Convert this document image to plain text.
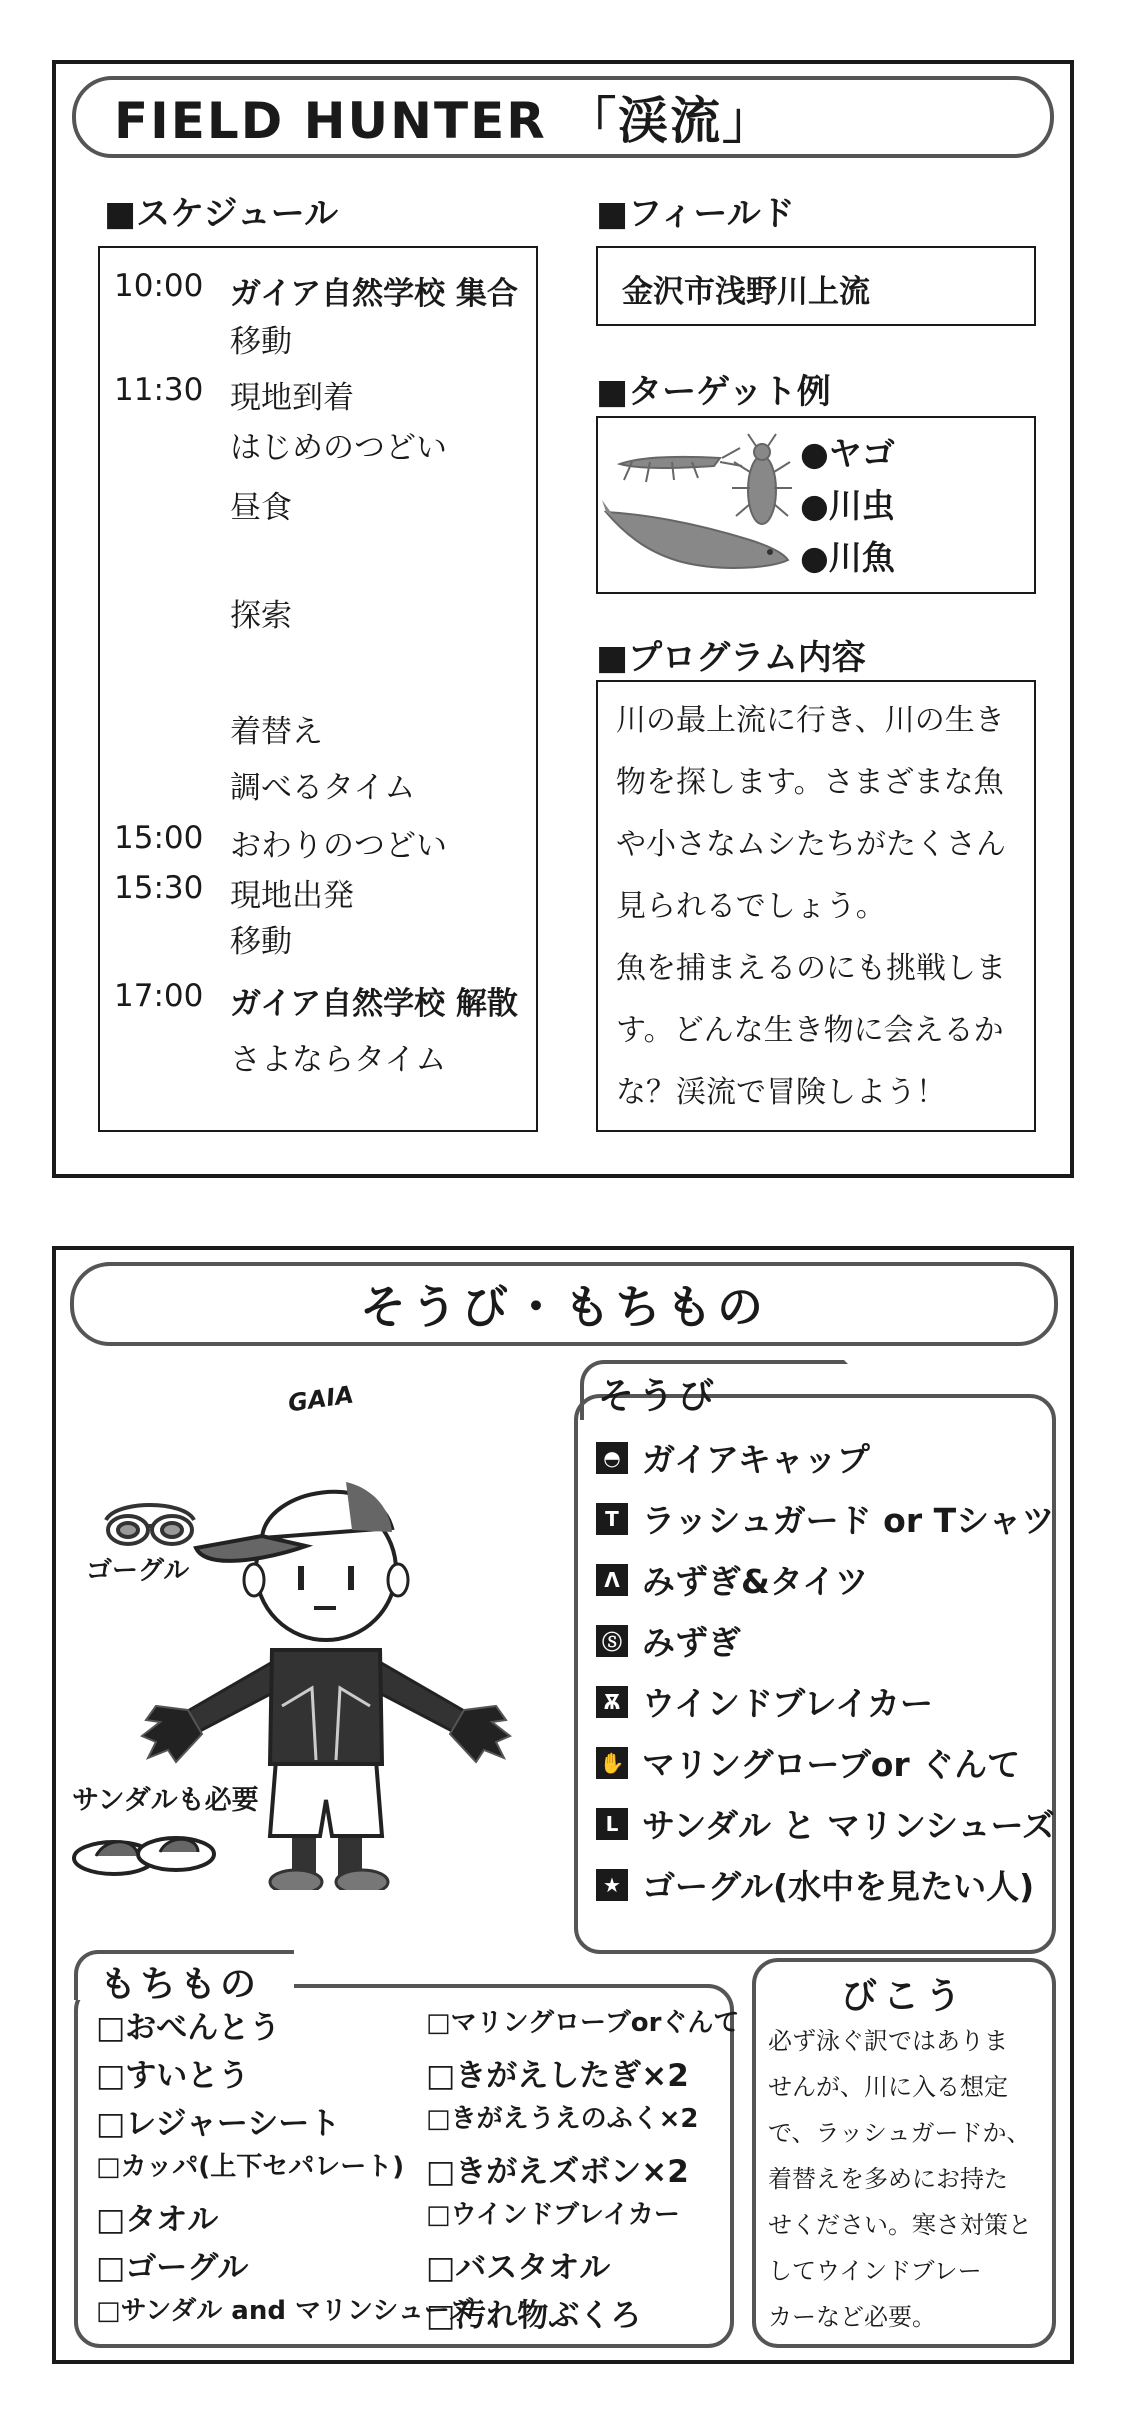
FIELD HUNTER 「渓流」
■スケジュール
10:00 ガイア自然学校 集合
移動
11:30 現地到着
はじめのつどい
昼食
探索
着替え
調べるタイム
15:00 おわりのつどい
15:30 現地出発
移動
17:00 ガイア自然学校 解散
さよならタイム
■フィールド
金沢市浅野川上流
■ターゲット例
●ヤゴ
●川虫
●川魚
■プログラム内容
川の最上流に行き、川の生き
物を探します。さまざまな魚
や小さなムシたちがたくさん
見られるでしょう。
魚を捕まえるのにも挑戦しま
す。どんな生き物に会えるか
な？渓流で冒険しよう！
そうび・もちもの
GAIA
ゴーグル
サンダルも必要
そうび
◓ ガイアキャップ
T ラッシュガード or Tシャツ
Λ みずぎ&タイツ
Ⓢ みずぎ
Ѫ ウインドブレイカー
✋ マリングローブor ぐんて
L サンダル と マリンシューズ
★ ゴーグル(水中を見たい人)
もちもの
□おべんとう
□すいとう
□レジャーシート
□カッパ(上下セパレート)
□タオル
□ゴーグル
□サンダル and マリンシューズ
□マリングローブorぐんて
□きがえしたぎ×2
□きがえうえのふく×2
□きがえズボン×2
□ウインドブレイカー
□バスタオル
□汚れ物ぶくろ
びこう
必ず泳ぐ訳ではありま
せんが、川に入る想定
で、ラッシュガードか、
着替えを多めにお持た
せください。寒さ対策と
してウインドブレー
カーなど必要。
